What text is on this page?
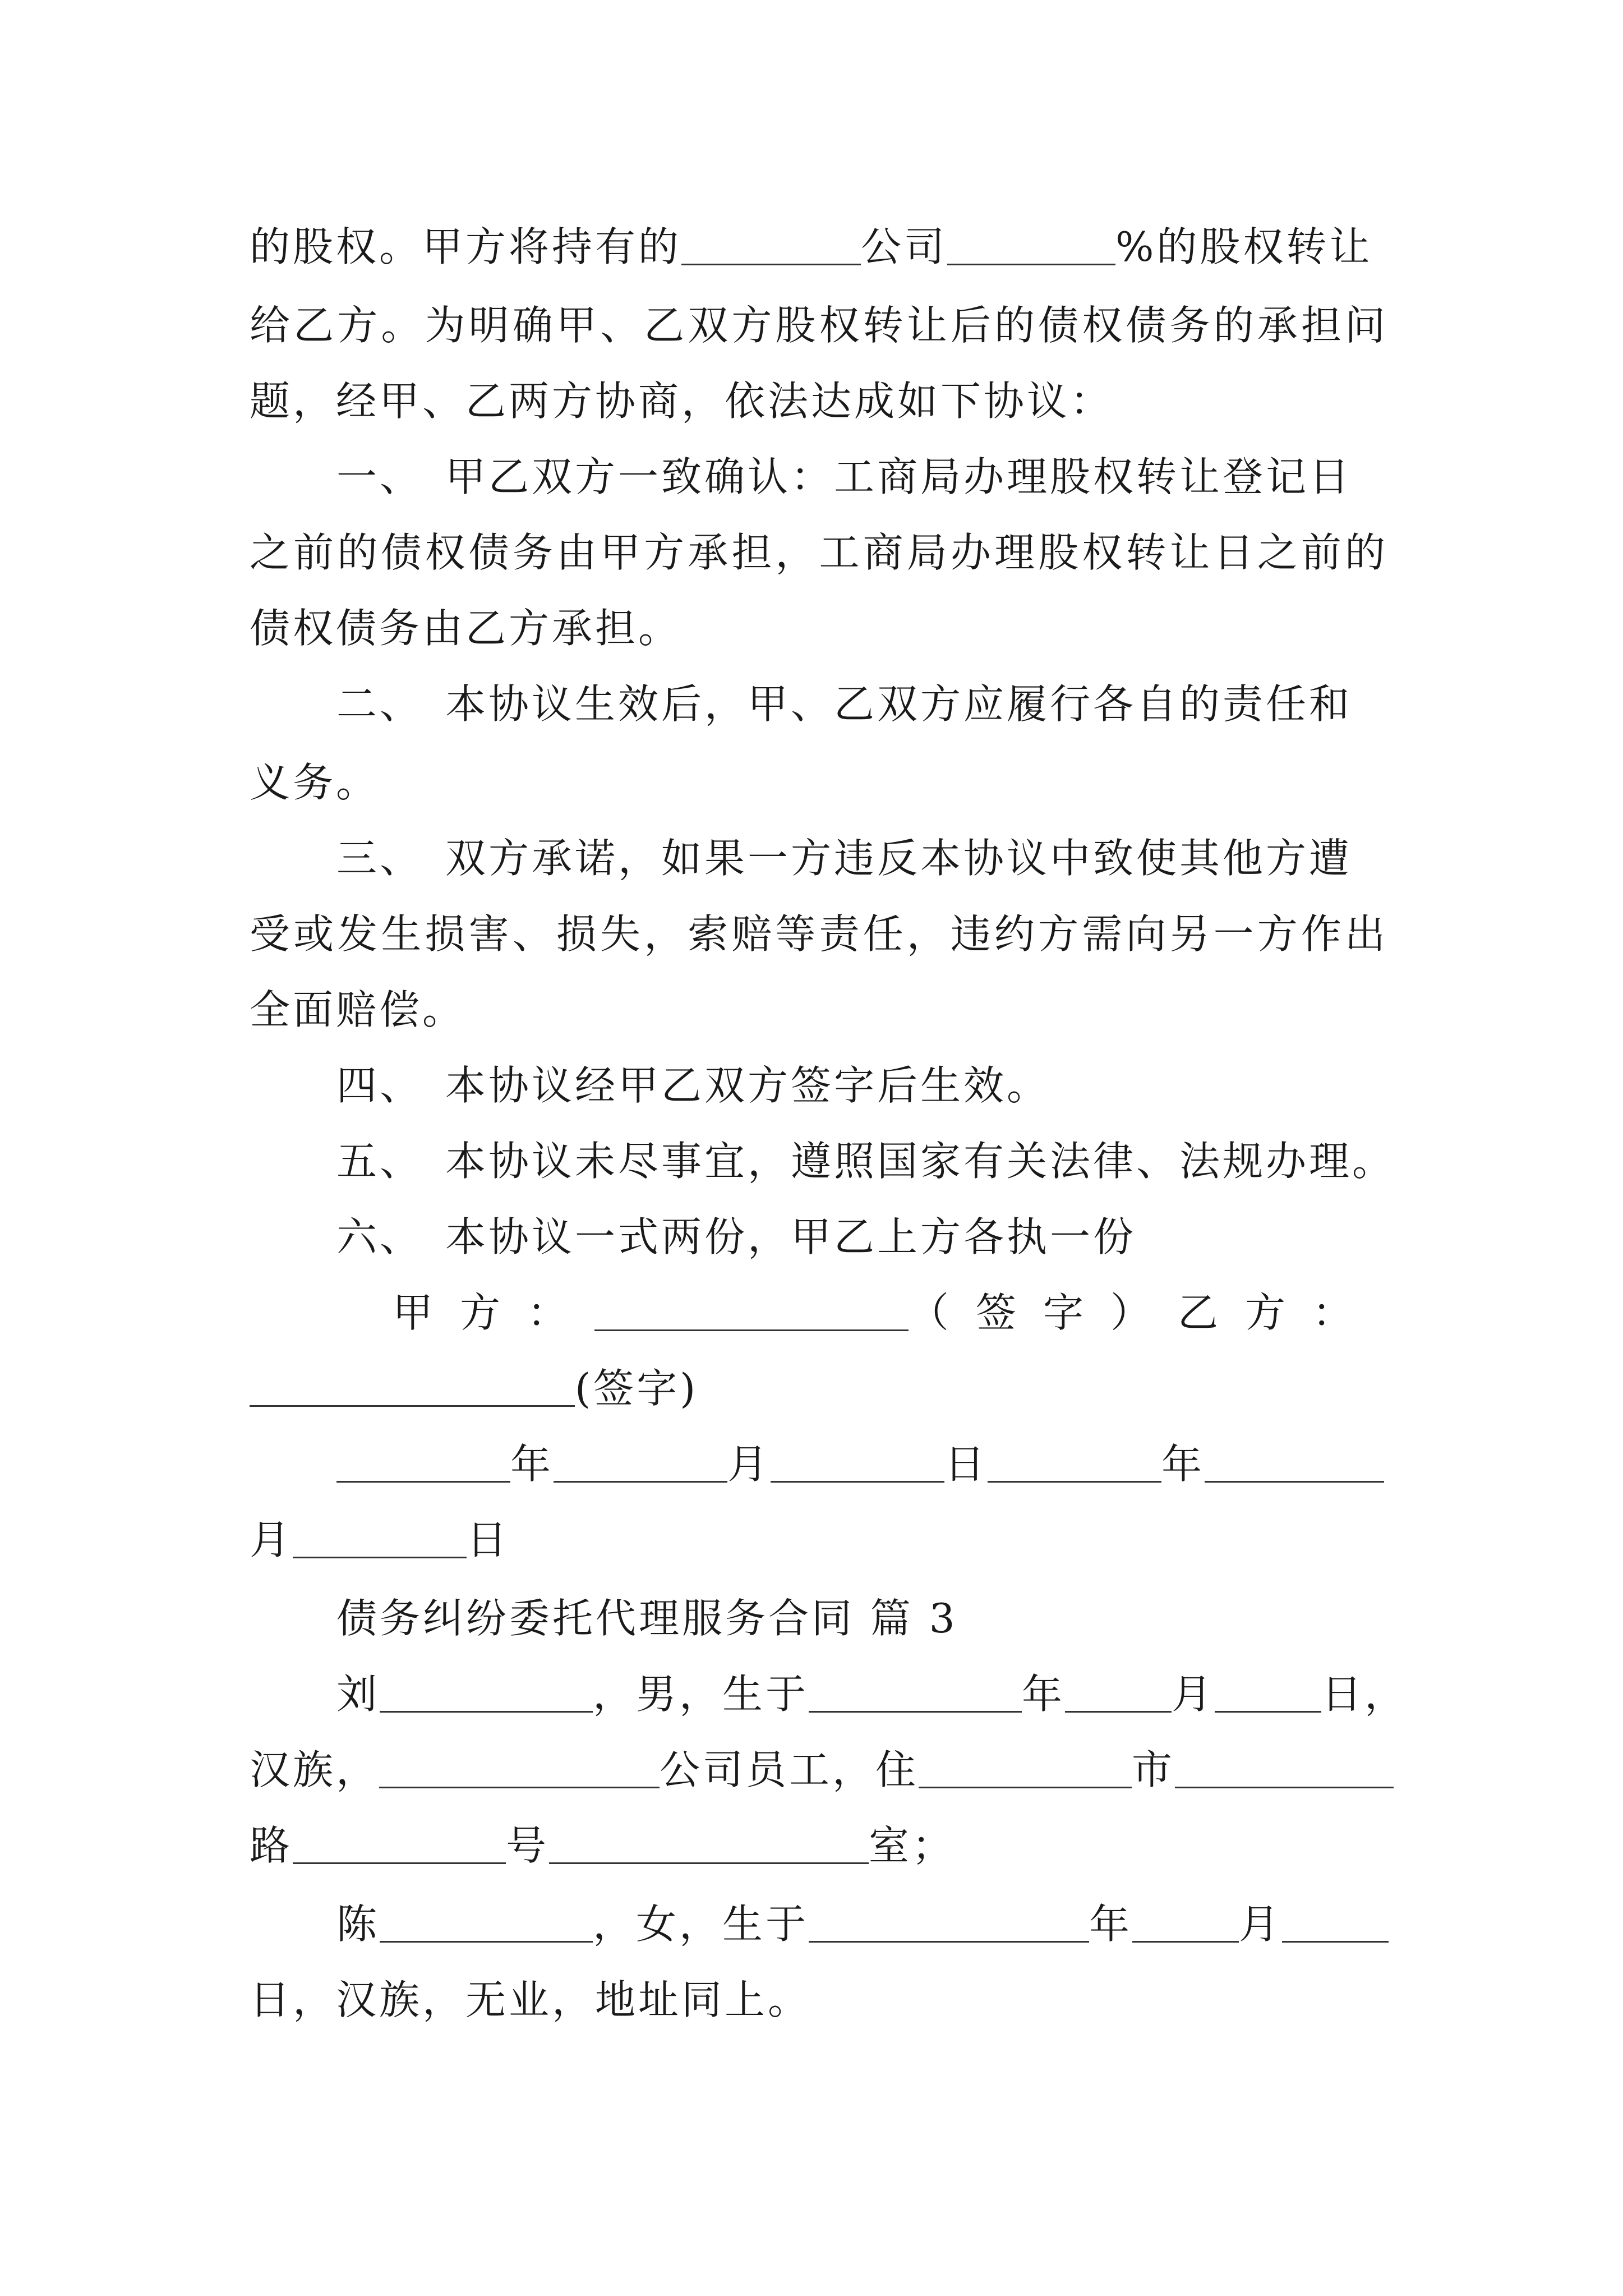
的股权。甲方将持有的	公司	%的股权转让
给乙方。为明确甲、乙双方股权转让后的债权债务的承担问
题，经甲、乙两方协商，依法达成如下协议：
一、 甲乙双方一致确认：工商局办理股权转让登记日
之前的债权债务由甲方承担，工商局办理股权转让日之前的
债权债务由乙方承担。
二、 本协议生效后，甲、乙双方应履行各自的责任和
义务。
三、 双方承诺，如果一方违反本协议中致使其他方遭
受或发生损害、损失，索赔等责任，违约方需向另一方作出
全面赔偿。
四、 本协议经甲乙双方签字后生效。
五、 本协议未尽事宜，遵照国家有关法律、法规办理。
六、 本协议一式两份，甲乙上方各执一份
甲方：	（签字）乙方：
(签字)
年	月	日	年
月	日
债务纠纷委托代理服务合同 篇 3
刘	，男，生于	年	月	日，
汉族，	公司员工，住	市
路	号	室；
陈	，女，生于	年	月
日，汉族，无业，地址同上。
